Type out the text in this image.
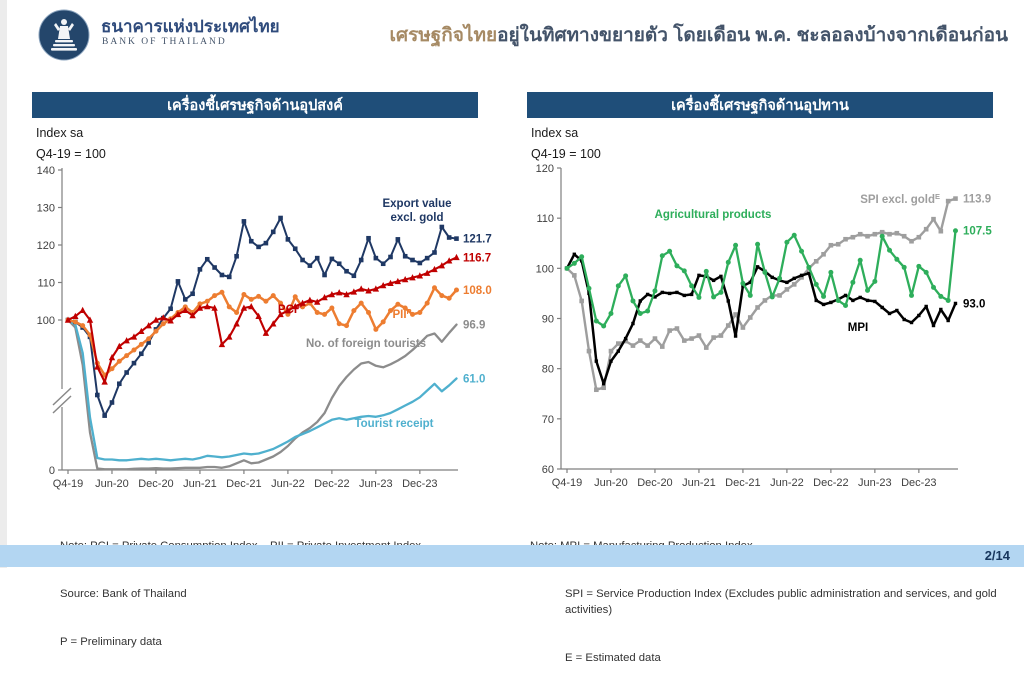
ธนาคารแห่งประเทศไทย
BANK OF THAILAND	เศรษฐกิจไทยอยู่ในทิศทางขยายตัว โดยเดือน พ.ค. ชะลอลงบ้างจากเดือนก่อน
เครื่องชี้เศรษฐกิจด้านอุปสงค์
Index sa
Q4-19 = 100
140
130
120
110
100
0
Q4-19 Jun-20 Dec-20 Jun-21 Dec-21 Jun-22 Dec-22 Jun-23 Dec-23
No. of foreign tourists
96.9
Tourist receipt
61.0
Export value
excl. gold
121.7
$PII^P$
108.0
$PCI^P$
116.7

Source: Bank of Thailand

P = Preliminary data

เครื่องชี้เศรษฐกิจด้านอุปทาน
Index sa
Q4-19 = 100
120
110
100
90
80
70
60
Q4-19 Jun-20 Dec-20 Jun-21 Dec-21 Jun-22 Dec-22 Jun-23 Dec-23
SPI excl. gold$^E$ 113.9
MPI
93.0
Agricultural products
107.5

SPI = Service Production Index (Excludes public administration and services, and gold activities)

E = Estimated data

2/14
